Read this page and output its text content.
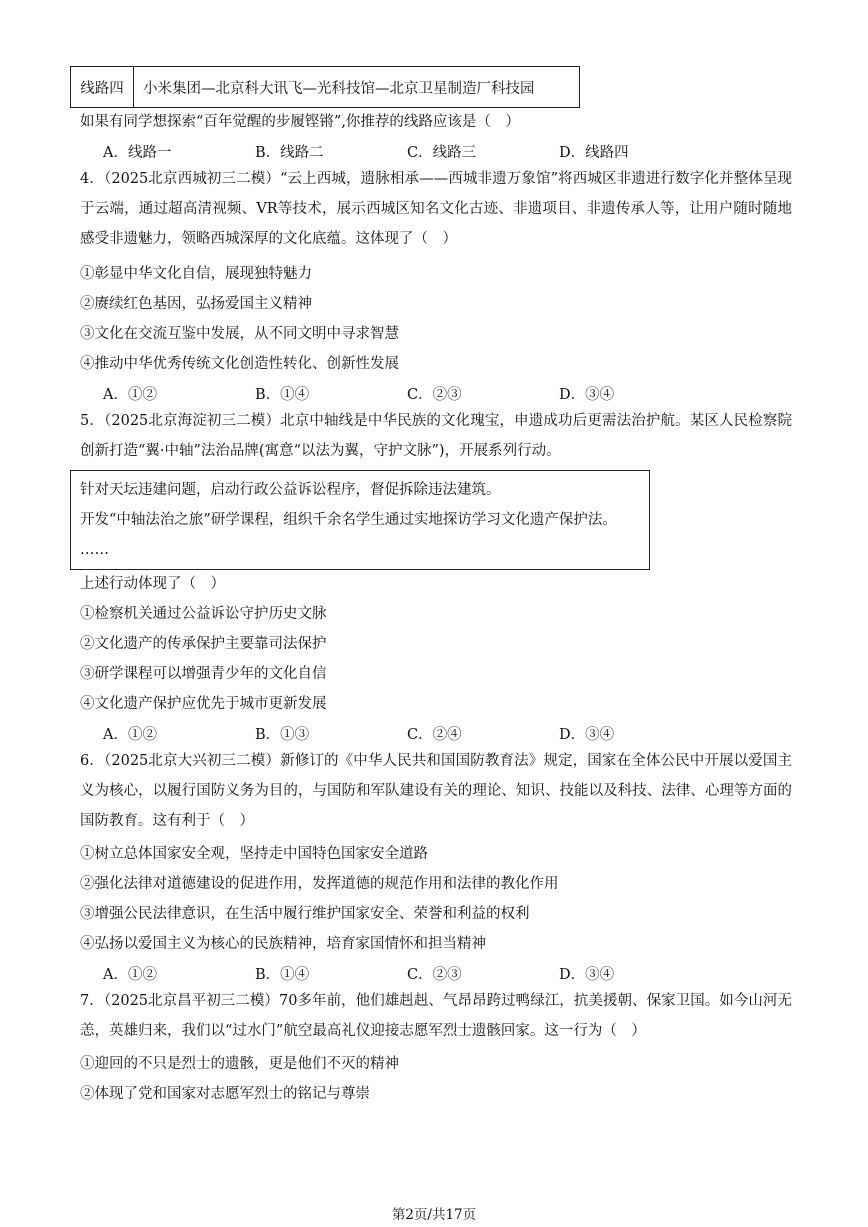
线路四	小米集团—北京科大讯飞—光科技馆—北京卫星制造厂科技园
如果有同学想探索“百年觉醒的步履铿锵”,你推荐的线路应该是（　）
A．线路一	B．线路二	C．线路三	D．线路四
4．（2025北京西城初三二模）“云上西城，遗脉相承——西城非遗万象馆”将西城区非遗进行数字化并整体呈现于云端，通过超高清视频、VR等技术，展示西城区知名文化古迹、非遗项目、非遗传承人等，让用户随时随地感受非遗魅力，领略西城深厚的文化底蕴。这体现了（　）
①彰显中华文化自信，展现独特魅力
②赓续红色基因，弘扬爱国主义精神
③文化在交流互鉴中发展，从不同文明中寻求智慧
④推动中华优秀传统文化创造性转化、创新性发展
A．①②	B．①④	C．②③	D．③④
5．（2025北京海淀初三二模）北京中轴线是中华民族的文化瑰宝，申遗成功后更需法治护航。某区人民检察院创新打造“翼·中轴”法治品牌(寓意“以法为翼，守护文脉”)，开展系列行动。
针对天坛违建问题，启动行政公益诉讼程序，督促拆除违法建筑。
开发“中轴法治之旅”研学课程，组织千余名学生通过实地探访学习文化遗产保护法。
……
上述行动体现了（　）
①检察机关通过公益诉讼守护历史文脉
②文化遗产的传承保护主要靠司法保护
③研学课程可以增强青少年的文化自信
④文化遗产保护应优先于城市更新发展
A．①②	B．①③	C．②④	D．③④
6．（2025北京大兴初三二模）新修订的《中华人民共和国国防教育法》规定，国家在全体公民中开展以爱国主义为核心，以履行国防义务为目的，与国防和军队建设有关的理论、知识、技能以及科技、法律、心理等方面的国防教育。这有利于（　）
①树立总体国家安全观，坚持走中国特色国家安全道路
②强化法律对道德建设的促进作用，发挥道德的规范作用和法律的教化作用
③增强公民法律意识，在生活中履行维护国家安全、荣誉和利益的权利
④弘扬以爱国主义为核心的民族精神，培育家国情怀和担当精神
A．①②	B．①④	C．②③	D．③④
7．（2025北京昌平初三二模）70多年前，他们雄赳赳、气昂昂跨过鸭绿江，抗美援朝、保家卫国。如今山河无恙，英雄归来，我们以“过水门”航空最高礼仪迎接志愿军烈士遗骸回家。这一行为（　）
①迎回的不只是烈士的遗骸，更是他们不灭的精神
②体现了党和国家对志愿军烈士的铭记与尊崇
第2页/共17页
